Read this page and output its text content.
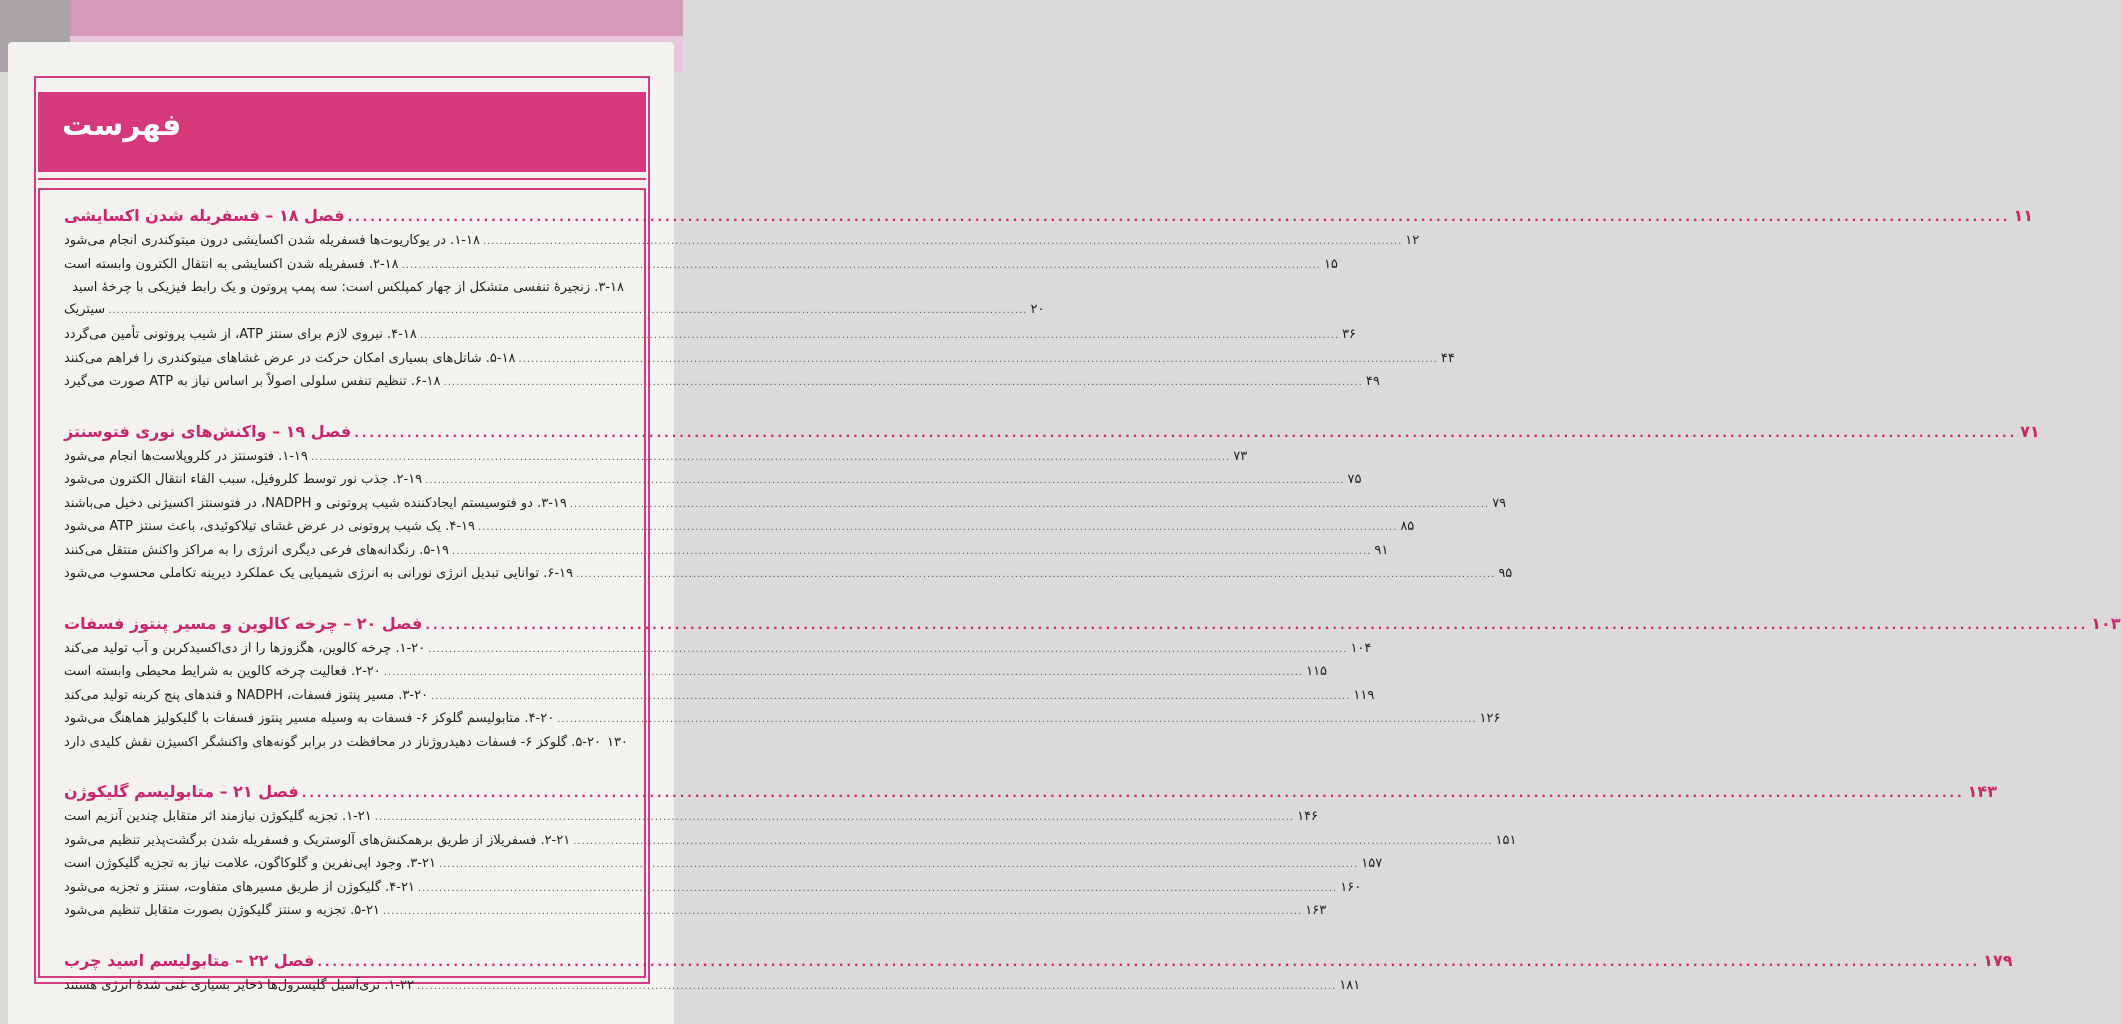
فهرست
فصل ۱۸ – فسفریله شدن اکسایشی ............................................................................................................................................................................................................................ ۱۱
۱-۱۸. در یوکاریوت‌ها فسفریله شدن اکسایشی درون میتوکندری انجام می‌شود ............................................................................................................................................................................................................................ ۱۲
۲-۱۸. فسفریله شدن اکسایشی به انتقال الکترون وابسته است ............................................................................................................................................................................................................................ ۱۵
۳-۱۸. زنجیرهٔ تنفسی متشکل از چهار کمپلکس است: سه پمپ پروتون و یک رابط فیزیکی با چرخهٔ اسید
سیتریک ............................................................................................................................................................................................................................ ۲۰
۴-۱۸. نیروی لازم برای سنتز ATP، از شیب پروتونی تأمین می‌گردد ............................................................................................................................................................................................................................ ۳۶
۵-۱۸. شاتل‌های بسیاری امکان حرکت در عرض غشاهای میتوکندری را فراهم می‌کنند ............................................................................................................................................................................................................................ ۴۴
۶-۱۸. تنظیم تنفس سلولی اصولاً بر اساس نیاز به ATP صورت می‌گیرد ............................................................................................................................................................................................................................ ۴۹
فصل ۱۹ – واکنش‌های نوری فتوسنتز ............................................................................................................................................................................................................................ ۷۱
۱-۱۹. فتوسنتز در کلروپلاست‌ها انجام می‌شود ............................................................................................................................................................................................................................ ۷۳
۲-۱۹. جذب نور توسط کلروفیل، سبب القاء انتقال الکترون می‌شود ............................................................................................................................................................................................................................ ۷۵
۳-۱۹. دو فتوسیستم ایجادکننده شیب پروتونی و NADPH، در فتوسنتز اکسیژنی دخیل می‌باشند ............................................................................................................................................................................................................................ ۷۹
۴-۱۹. یک شیب پروتونی در عرض غشای تیلاکوئیدی، باعث سنتز ATP می‌شود ............................................................................................................................................................................................................................ ۸۵
۵-۱۹. رنگدانه‌های فرعی دیگری انرژی را به مراکز واکنش منتقل می‌کنند ............................................................................................................................................................................................................................ ۹۱
۶-۱۹. توانایی تبدیل انرژی نورانی به انرژی شیمیایی یک عملکرد دیرینه تکاملی محسوب می‌شود ............................................................................................................................................................................................................................ ۹۵
فصل ۲۰ – چرخه کالوین و مسیر پنتوز فسفات ............................................................................................................................................................................................................................ ۱۰۳
۱-۲۰. چرخه کالوین، هگزوزها را از دی‌اکسیدکربن و آب تولید می‌کند ............................................................................................................................................................................................................................ ۱۰۴
۲-۲۰. فعالیت چرخه کالوین به شرایط محیطی وابسته است ............................................................................................................................................................................................................................ ۱۱۵
۳-۲۰. مسیر پنتوز فسفات، NADPH و قندهای پنج کربنه تولید می‌کند ............................................................................................................................................................................................................................ ۱۱۹
۴-۲۰. متابولیسم گلوکز ۶- فسفات به وسیله مسیر پنتوز فسفات با گلیکولیز هماهنگ می‌شود ............................................................................................................................................................................................................................ ۱۲۶
۵-۲۰. گلوکز ۶- فسفات دهیدروژناز در محافظت در برابر گونه‌های واکنشگر اکسیژن نقش کلیدی دارد ۱۳۰
فصل ۲۱ – متابولیسم گلیکوژن ............................................................................................................................................................................................................................ ۱۴۳
۱-۲۱. تجزیه گلیکوژن نیازمند اثر متقابل چندین آنزیم است ............................................................................................................................................................................................................................ ۱۴۶
۲-۲۱. فسفریلاز از طریق برهمکنش‌های آلوستریک و فسفریله شدن برگشت‌پذیر تنظیم می‌شود ............................................................................................................................................................................................................................ ۱۵۱
۳-۲۱. وجود اپی‌نفرین و گلوکاگون، علامت نیاز به تجزیه گلیکوژن است ............................................................................................................................................................................................................................ ۱۵۷
۴-۲۱. گلیکوژن از طریق مسیرهای متفاوت، سنتز و تجزیه می‌شود ............................................................................................................................................................................................................................ ۱۶۰
۵-۲۱. تجزیه و سنتز گلیکوژن بصورت متقابل تنظیم می‌شود ............................................................................................................................................................................................................................ ۱۶۳
فصل ۲۲ – متابولیسم اسید چرب ............................................................................................................................................................................................................................ ۱۷۹
۱-۲۲. تری‌آسیل گلیسرول‌ها ذخایر بسیاری غنی شدهٔ انرژی هستند ............................................................................................................................................................................................................................ ۱۸۱
